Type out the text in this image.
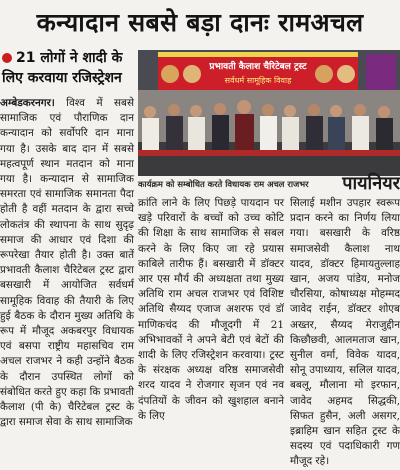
कन्यादान सबसे बड़ा दानः रामअचल
21 लोगों ने शादी के लिए करवाया रजिस्ट्रेशन
अम्बेडकरनगर। विश्व में सबसे सामाजिक एवं पौराणिक दान कन्यादान को सर्वोपरि दान माना गया है। उसके बाद दान में सबसे महत्वपूर्ण स्थान मतदान को माना गया है। कन्यादान से सामाजिक समरता एवं सामाजिक समानता पैदा होती है वहीं मतदान के द्वारा सच्चे लोकतंत्र की स्थापना के साथ सुदृढ़ समाज की आधार एवं दिशा की रूपरेखा तैयार होती है। उक्त बातें प्रभावती कैलाश चैरिटेबल ट्रस्ट द्वारा बसखारी में आयोजित सर्वधर्म सामूहिक विवाह की तैयारी के लिए हुई बैठक के दौरान मुख्य अतिथि के रूप में मौजूद अकबरपुर विधायक एवं बसपा राष्ट्रीय महासचिव राम अचल राजभर ने कही उन्होंने बैठक के दौरान उपस्थित लोगों को संबोधित करते हुए कहा कि प्रभावती कैलाश (पी के) चैरिटेबल ट्रस्ट के द्वारा समाज सेवा के साथ सामाजिक
प्रभावती कैलाश चैरिटेबल ट्रस्ट
सर्वधर्म सामूहिक विवाह
कार्यक्रम को सम्बोधित करते विधायक राम अचल राजभर	पायनियर
क्रांति लाने के लिए पिछड़े पायदान पर खड़े परिवारों के बच्चों को उच्च कोटि की शिक्षा के साथ सामाजिक से सबल करने के लिए किए जा रहे प्रयास काबिले तारीफ हैं। बसखारी में डॉक्टर आर एस मौर्य की अध्यक्षता तथा मुख्य अतिथि राम अचल राजभर एवं विशिष्ट अतिथि सैय्यद एजाज अशरफ एवं डॉ माणिकचंद की मौजूदगी में 21 अभिभावकों ने अपने बेटी एवं बेटों की शादी के लिए रजिस्ट्रेशन करवाया। ट्रस्ट के संरक्षक अध्यक्ष वरिष्ठ समाजसेवी शरद यादव ने रोजगार सृजन एवं नव दंपतियों के जीवन को खुशहाल बनाने के लिए
सिलाई मशीन उपहार स्वरूप प्रदान करने का निर्णय लिया गया। बसखारी के वरिष्ठ समाजसेवी कैलाश नाथ यादव, डॉक्टर हिमायतुल्लाह खान, अजय पांडेय, मनोज चौरसिया, कोषाध्यक्ष मोहम्मद जावेद राईन, डॉक्टर शोएब अख्तर, सैय्यद मेराजुद्दीन किछौछवी, आलमताज खान, सुनील वर्मा, विवेक यादव, सोनू उपाध्याय, सलिल यादव, बबलू, मौलाना मो इरफान, जावेद अहमद सिद्धकी, सिफत हुसैन, अली असगर, इब्राहिम खान सहित ट्रस्ट के सदस्य एवं पदाधिकारी गण मौजूद रहे।
